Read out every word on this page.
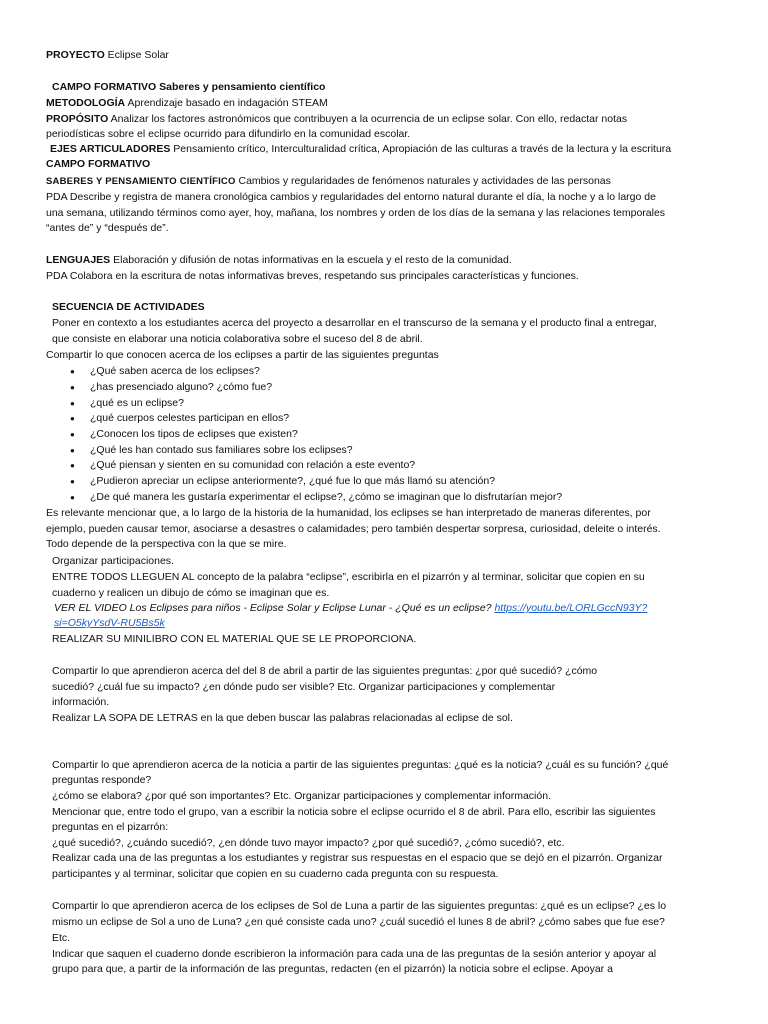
PROYECTO Eclipse Solar
CAMPO FORMATIVO Saberes y pensamiento científico
METODOLOGÍA Aprendizaje basado en indagación STEAM
PROPÓSITO Analizar los factores astronómicos que contribuyen a la ocurrencia de un eclipse solar. Con ello, redactar notas
periodísticas sobre el eclipse ocurrido para difundirlo en la comunidad escolar.
EJES ARTICULADORES Pensamiento crítico, Interculturalidad crítica, Apropiación de las culturas a través de la lectura y la escritura
CAMPO FORMATIVO
SABERES Y PENSAMIENTO CIENTÍFICO Cambios y regularidades de fenómenos naturales y actividades de las personas
PDA Describe y registra de manera cronológica cambios y regularidades del entorno natural durante el día, la noche y a lo largo de
una semana, utilizando términos como ayer, hoy, mañana, los nombres y orden de los días de la semana y las relaciones temporales
“antes de” y “después de”.
LENGUAJES Elaboración y difusión de notas informativas en la escuela y el resto de la comunidad.
PDA Colabora en la escritura de notas informativas breves, respetando sus principales características y funciones.
SECUENCIA DE ACTIVIDADES
Poner en contexto a los estudiantes acerca del proyecto a desarrollar en el transcurso de la semana y el producto final a entregar,
que consiste en elaborar una noticia colaborativa sobre el suceso del 8 de abril.
Compartir lo que conocen acerca de los eclipses a partir de las siguientes preguntas
● ¿Qué saben acerca de los eclipses?
● ¿has presenciado alguno? ¿cómo fue?
● ¿qué es un eclipse?
● ¿qué cuerpos celestes participan en ellos?
● ¿Conocen los tipos de eclipses que existen?
● ¿Qué les han contado sus familiares sobre los eclipses?
● ¿Qué piensan y sienten en su comunidad con relación a este evento?
● ¿Pudieron apreciar un eclipse anteriormente?, ¿qué fue lo que más llamó su atención?
● ¿De qué manera les gustaría experimentar el eclipse?, ¿cómo se imaginan que lo disfrutarían mejor?
Es relevante mencionar que, a lo largo de la historia de la humanidad, los eclipses se han interpretado de maneras diferentes, por
ejemplo, pueden causar temor, asociarse a desastres o calamidades; pero también despertar sorpresa, curiosidad, deleite o interés.
Todo depende de la perspectiva con la que se mire.
Organizar participaciones.
ENTRE TODOS LLEGUEN AL concepto de la palabra “eclipse”, escribirla en el pizarrón y al terminar, solicitar que copien en su
cuaderno y realicen un dibujo de cómo se imaginan que es.
VER EL VIDEO Los Eclipses para niños - Eclipse Solar y Eclipse Lunar - ¿Qué es un eclipse? https://youtu.be/LORLGccN93Y?
si=O5kyYsdV-RU5Bs5k
REALIZAR SU MINILIBRO CON EL MATERIAL QUE SE LE PROPORCIONA.
Compartir lo que aprendieron acerca del del 8 de abril a partir de las siguientes preguntas: ¿por qué sucedió? ¿cómo
sucedió? ¿cuál fue su impacto? ¿en dónde pudo ser visible? Etc. Organizar participaciones y complementar
información.
Realizar LA SOPA DE LETRAS en la que deben buscar las palabras relacionadas al eclipse de sol.
Compartir lo que aprendieron acerca de la noticia a partir de las siguientes preguntas: ¿qué es la noticia? ¿cuál es su función? ¿qué
preguntas responde?
¿cómo se elabora? ¿por qué son importantes? Etc. Organizar participaciones y complementar información.
Mencionar que, entre todo el grupo, van a escribir la noticia sobre el eclipse ocurrido el 8 de abril. Para ello, escribir las siguientes
preguntas en el pizarrón:
¿qué sucedió?, ¿cuándo sucedió?, ¿en dónde tuvo mayor impacto? ¿por qué sucedió?, ¿cómo sucedió?, etc.
Realizar cada una de las preguntas a los estudiantes y registrar sus respuestas en el espacio que se dejó en el pizarrón. Organizar
participantes y al terminar, solicitar que copien en su cuaderno cada pregunta con su respuesta.
Compartir lo que aprendieron acerca de los eclipses de Sol de Luna a partir de las siguientes preguntas: ¿qué es un eclipse? ¿es lo
mismo un eclipse de Sol a uno de Luna? ¿en qué consiste cada uno? ¿cuál sucedió el lunes 8 de abril? ¿cómo sabes que fue ese?
Etc.
Indicar que saquen el cuaderno donde escribieron la información para cada una de las preguntas de la sesión anterior y apoyar al
grupo para que, a partir de la información de las preguntas, redacten (en el pizarrón) la noticia sobre el eclipse. Apoyar a
